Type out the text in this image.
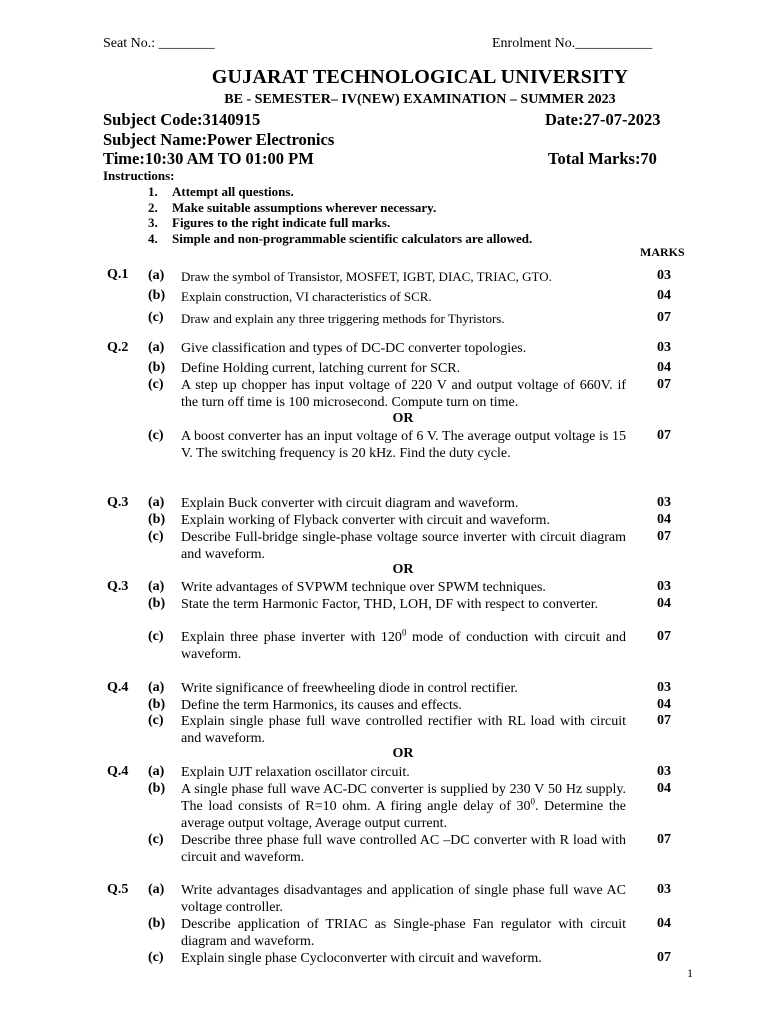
Seat No.: ________	Enrolment No.___________
GUJARAT TECHNOLOGICAL UNIVERSITY
BE - SEMESTER– IV(NEW) EXAMINATION – SUMMER 2023
Subject Code:3140915	Date:27-07-2023
Subject Name:Power Electronics
Time:10:30 AM TO 01:00 PM	Total Marks:70
Instructions:
1. Attempt all questions.
2. Make suitable assumptions wherever necessary.
3. Figures to the right indicate full marks.
4. Simple and non-programmable scientific calculators are allowed.
MARKS
Q.1 (a) Draw the symbol of Transistor, MOSFET, IGBT, DIAC, TRIAC, GTO.	03
(b) Explain construction, VI characteristics of SCR.	04
(c) Draw and explain any three triggering methods for Thyristors.	07
Q.2 (a) Give classification and types of DC-DC converter topologies.	03
(b) Define Holding current, latching current for SCR.	04
(c) A step up chopper has input voltage of 220 V and output voltage of 660V. if the turn off time is 100 microsecond. Compute turn on time.
07
OR
(c) A boost converter has an input voltage of 6 V. The average output voltage is 15 V. The switching frequency is 20 kHz. Find the duty cycle.
07
Q.3 (a) Explain Buck converter with circuit diagram and waveform.	03
(b) Explain working of Flyback converter with circuit and waveform.	04
(c) Describe Full-bridge single-phase voltage source inverter with circuit diagram and waveform.
07
OR
Q.3 (a) Write advantages of SVPWM technique over SPWM techniques.	03
(b) State the term Harmonic Factor, THD, LOH, DF with respect to converter.	04
(c) Explain three phase inverter with $120^0$ mode of conduction with circuit and waveform.
07
Q.4 (a) Write significance of freewheeling diode in control rectifier.	03
(b) Define the term Harmonics, its causes and effects.	04
(c) Explain single phase full wave controlled rectifier with RL load with circuit and waveform.
07
OR
Q.4 (a) Explain UJT relaxation oscillator circuit.	03
(b) A single phase full wave AC-DC converter is supplied by 230 V 50 Hz supply. The load consists of R=10 ohm. A firing angle delay of $30^0$. Determine the average output voltage, Average output current.
04
(c) Describe three phase full wave controlled AC –DC converter with R load with circuit and waveform.
07
Q.5 (a) Write advantages disadvantages and application of single phase full wave AC voltage controller.
03
(b) Describe application of TRIAC as Single-phase Fan regulator with circuit diagram and waveform.
04
(c) Explain single phase Cycloconverter with circuit and waveform.	07
1
